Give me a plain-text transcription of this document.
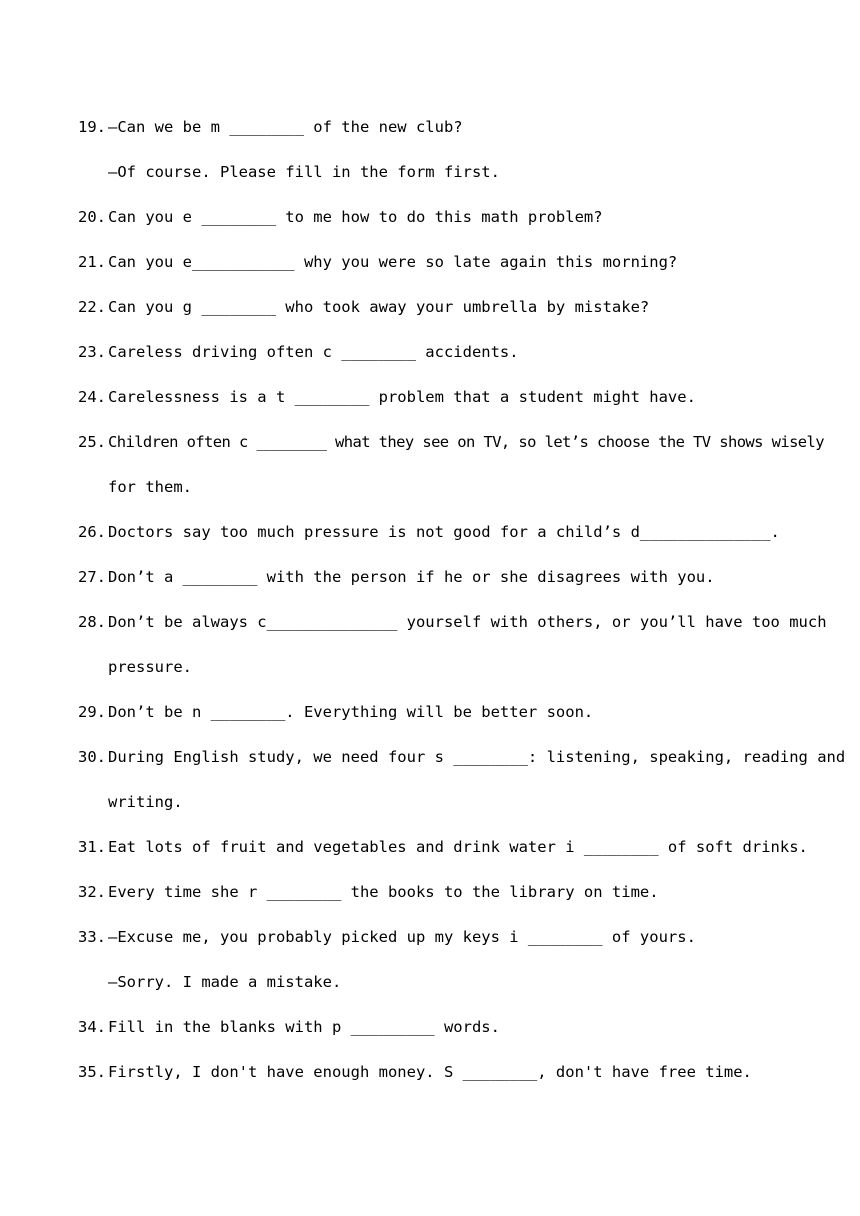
19. —Can we be m ________ of the new club?
—Of course. Please fill in the form first.
20. Can you e ________ to me how to do this math problem?
21. Can you e___________ why you were so late again this morning?
22. Can you g ________ who took away your umbrella by mistake?
23. Careless driving often c ________ accidents.
24. Carelessness is a t ________ problem that a student might have.
25. Children often c ________ what they see on TV, so let’s choose the TV shows wisely
for them.
26. Doctors say too much pressure is not good for a child’s d______________.
27. Don’t a ________ with the person if he or she disagrees with you.
28. Don’t be always c______________ yourself with others, or you’ll have too much
pressure.
29. Don’t be n ________. Everything will be better soon.
30. During English study, we need four s ________: listening, speaking, reading and
writing.
31. Eat lots of fruit and vegetables and drink water i ________ of soft drinks.
32. Every time she r ________ the books to the library on time.
33. —Excuse me, you probably picked up my keys i ________ of yours.
—Sorry. I made a mistake.
34. Fill in the blanks with p _________ words.
35. Firstly, I don't have enough money. S ________, don't have free time.
